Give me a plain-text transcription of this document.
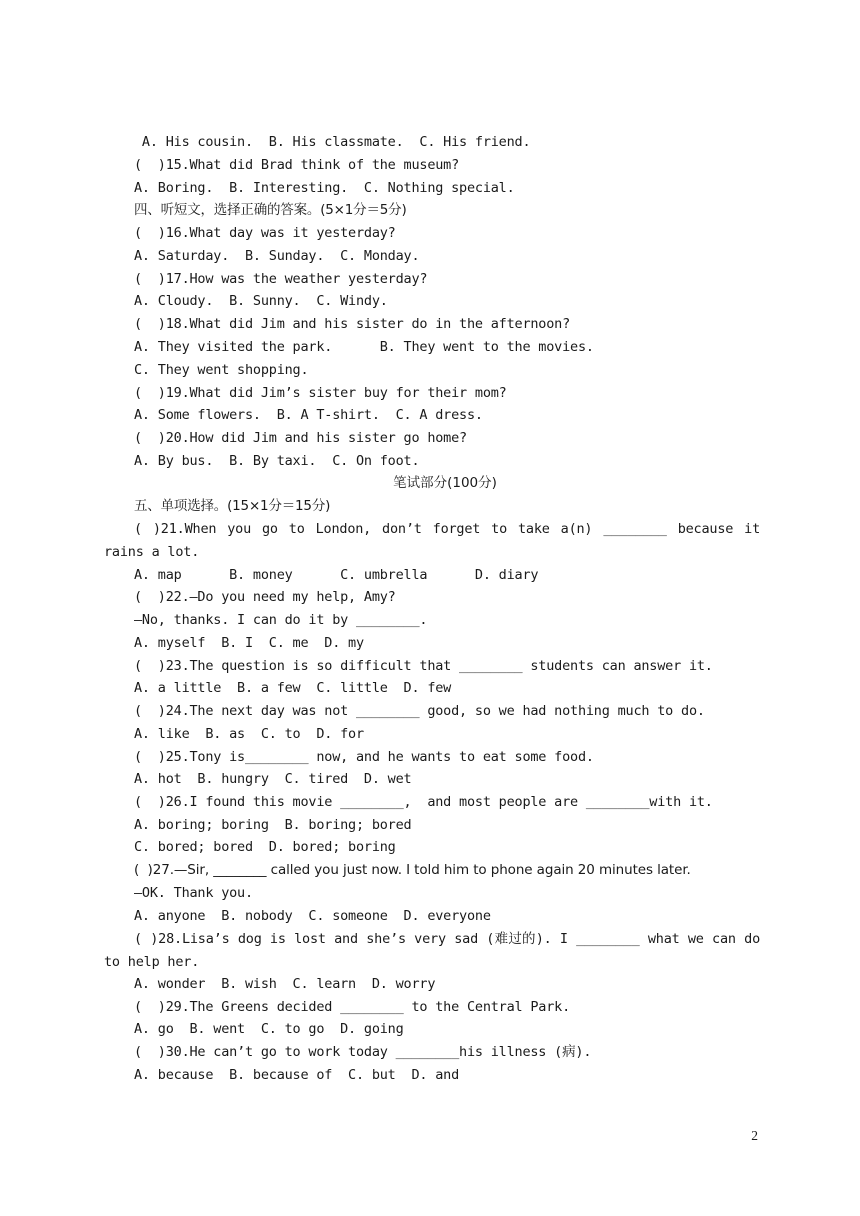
A. His cousin.  B. His classmate.  C. His friend.
(  )15.What did Brad think of the museum?
A. Boring.  B. Interesting.  C. Nothing special.
四、听短文，选择正确的答案。(5×1分＝5分)
(  )16.What day was it yesterday?
A. Saturday.  B. Sunday.  C. Monday.
(  )17.How was the weather yesterday?
A. Cloudy.  B. Sunny.  C. Windy.
(  )18.What did Jim and his sister do in the afternoon?
A. They visited the park.      B. They went to the movies.
C. They went shopping.
(  )19.What did Jim’s sister buy for their mom?
A. Some flowers.  B. A T-shirt.  C. A dress.
(  )20.How did Jim and his sister go home?
A. By bus.  B. By taxi.  C. On foot.
笔试部分(100分)
五、单项选择。(15×1分＝15分)
( )21.When you go to London, don’t forget to take a(n) ________ because it rains a lot.
A. map      B. money      C. umbrella      D. diary
(  )22.—Do you need my help, Amy?
—No, thanks. I can do it by ________.
A. myself  B. I  C. me  D. my
(  )23.The question is so difficult that ________ students can answer it.
A. a little  B. a few  C. little  D. few
(  )24.The next day was not ________ good, so we had nothing much to do.
A. like  B. as  C. to  D. for
(  )25.Tony is________ now, and he wants to eat some food.
A. hot  B. hungry  C. tired  D. wet
(  )26.I found this movie ________,  and most people are ________with it.
A. boring; boring  B. boring; bored
C. bored; bored  D. bored; boring
(  )27.—Sir, ________ called you just now. I told him to phone again 20 minutes later.
—OK. Thank you.
A. anyone  B. nobody  C. someone  D. everyone
( )28.Lisa’s dog is lost and she’s very sad (难过的). I ________ what we can do to help her.
A. wonder  B. wish  C. learn  D. worry
(  )29.The Greens decided ________ to the Central Park.
A. go  B. went  C. to go  D. going
(  )30.He can’t go to work today ________his illness (病).
A. because  B. because of  C. but  D. and
2
